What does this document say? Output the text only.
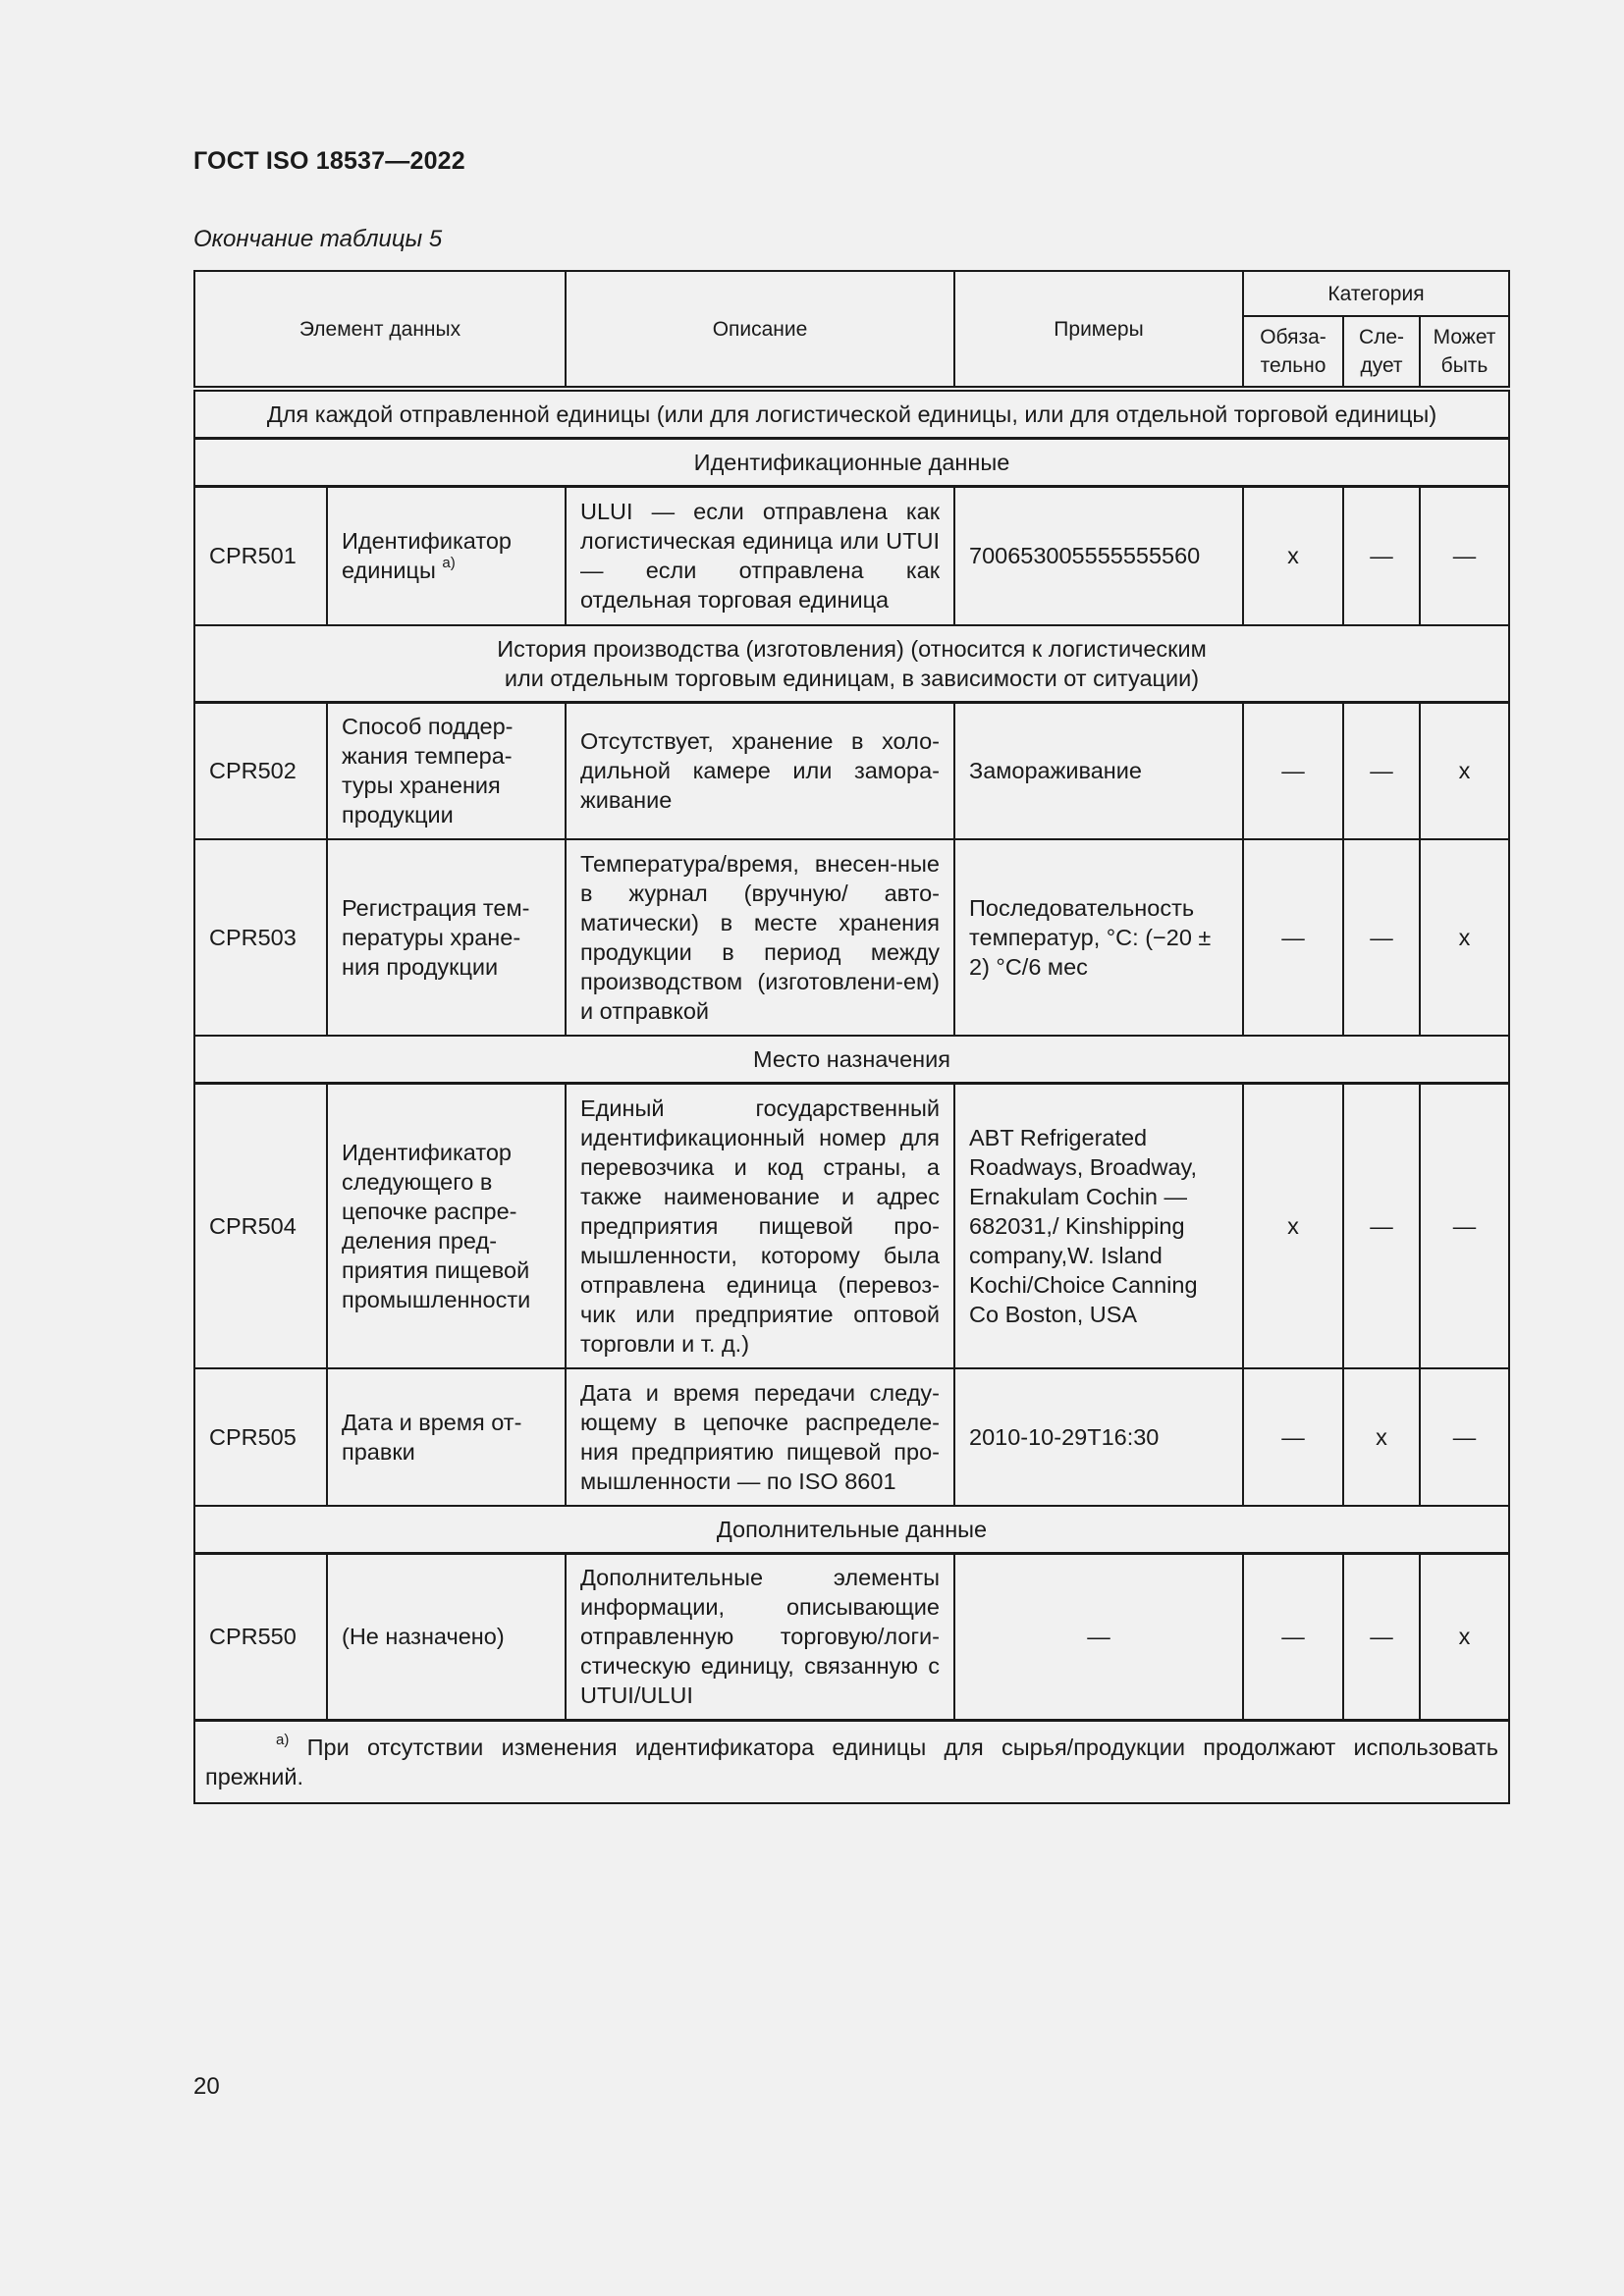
ГОСТ ISO 18537—2022
Окончание таблицы 5
Элемент данных		Описание	Примеры	Категория		
				Обяза-тельно	Сле-дует	Может быть
Для каждой отправленной единицы (или для логистической единицы, или для отдельной торговой единицы)						
Идентификационные данные						
CPR501	Идентификатор единицы $^{a)}$	ULUI — если отправлена как логистическая единица или UTUI — если отправлена как отдельная торговая единица	700653005555555560	x	—	—
История производства (изготовления) (относится к логистическим или отдельным торговым единицам, в зависимости от ситуации)						
CPR502	Способ поддер-жания темпера-туры хранения продукции	Отсутствует, хранение в холо-дильной камере или замора-живание	Замораживание	—	—	x
CPR503	Регистрация тем-пературы хране-ния продукции	Температура/время, внесен-ные в журнал (вручную/ авто-матически) в месте хранения продукции в период между производством (изготовлени-ем) и отправкой	Последовательность температур, °С: (−20 ± 2) °С/6 мес	—	—	x
Место назначения						
CPR504	Идентификатор следующего в цепочке распре-деления пред-приятия пищевой промышленности	Единый государственный идентификационный номер для перевозчика и код страны, а также наименование и адрес предприятия пищевой про-мышленности, которому была отправлена единица (перевоз-чик или предприятие оптовой торговли и т. д.)	ABT Refrigerated Roadways, Broadway, Ernakulam Cochin — 682031,/ Kinshipping company,W. Island Kochi/Choice Canning Co Boston, USA	x	—	—
CPR505	Дата и время от-правки	Дата и время передачи следу-ющему в цепочке распределе-ния предприятию пищевой про-мышленности — по ISO 8601	2010-10-29T16:30	—	x	—
Дополнительные данные						
CPR550	(Не назначено)	Дополнительные элементы информации, описывающие отправленную торговую/логи-стическую единицу, связанную с UTUI/ULUI	—	—	—	x
$^{a)}$ При отсутствии изменения идентификатора единицы для сырья/продукции продолжают использовать прежний.						
20
